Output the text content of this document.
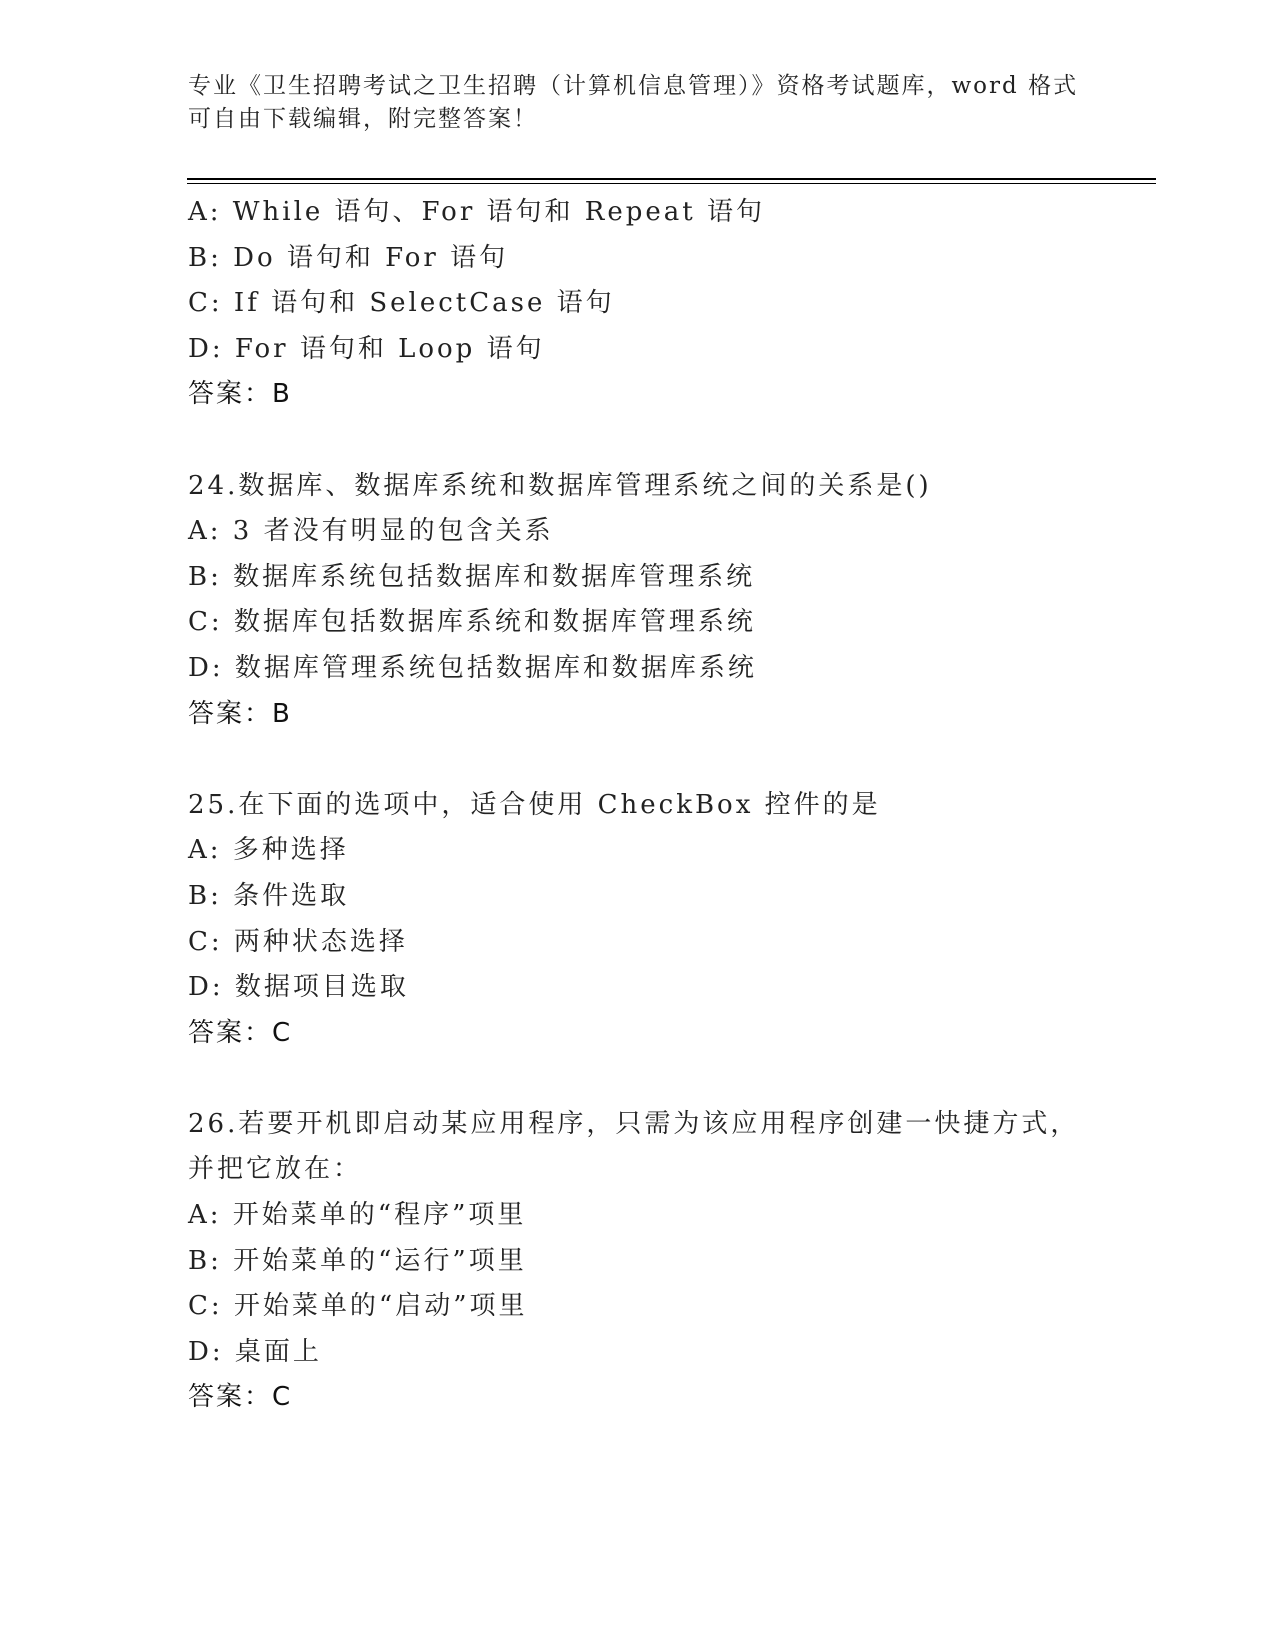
专业《卫生招聘考试之卫生招聘（计算机信息管理）》资格考试题库，word 格式
可自由下载编辑，附完整答案！
A: While 语句、For 语句和 Repeat 语句
B: Do 语句和 For 语句
C: If 语句和 SelectCase 语句
D: For 语句和 Loop 语句
答案：B
24.数据库、数据库系统和数据库管理系统之间的关系是()
A: 3 者没有明显的包含关系
B: 数据库系统包括数据库和数据库管理系统
C: 数据库包括数据库系统和数据库管理系统
D: 数据库管理系统包括数据库和数据库系统
答案：B
25.在下面的选项中，适合使用 CheckBox 控件的是
A: 多种选择
B: 条件选取
C: 两种状态选择
D: 数据项目选取
答案：C
26.若要开机即启动某应用程序，只需为该应用程序创建一快捷方式，
并把它放在：
A: 开始菜单的“程序”项里
B: 开始菜单的“运行”项里
C: 开始菜单的“启动”项里
D: 桌面上
答案：C
